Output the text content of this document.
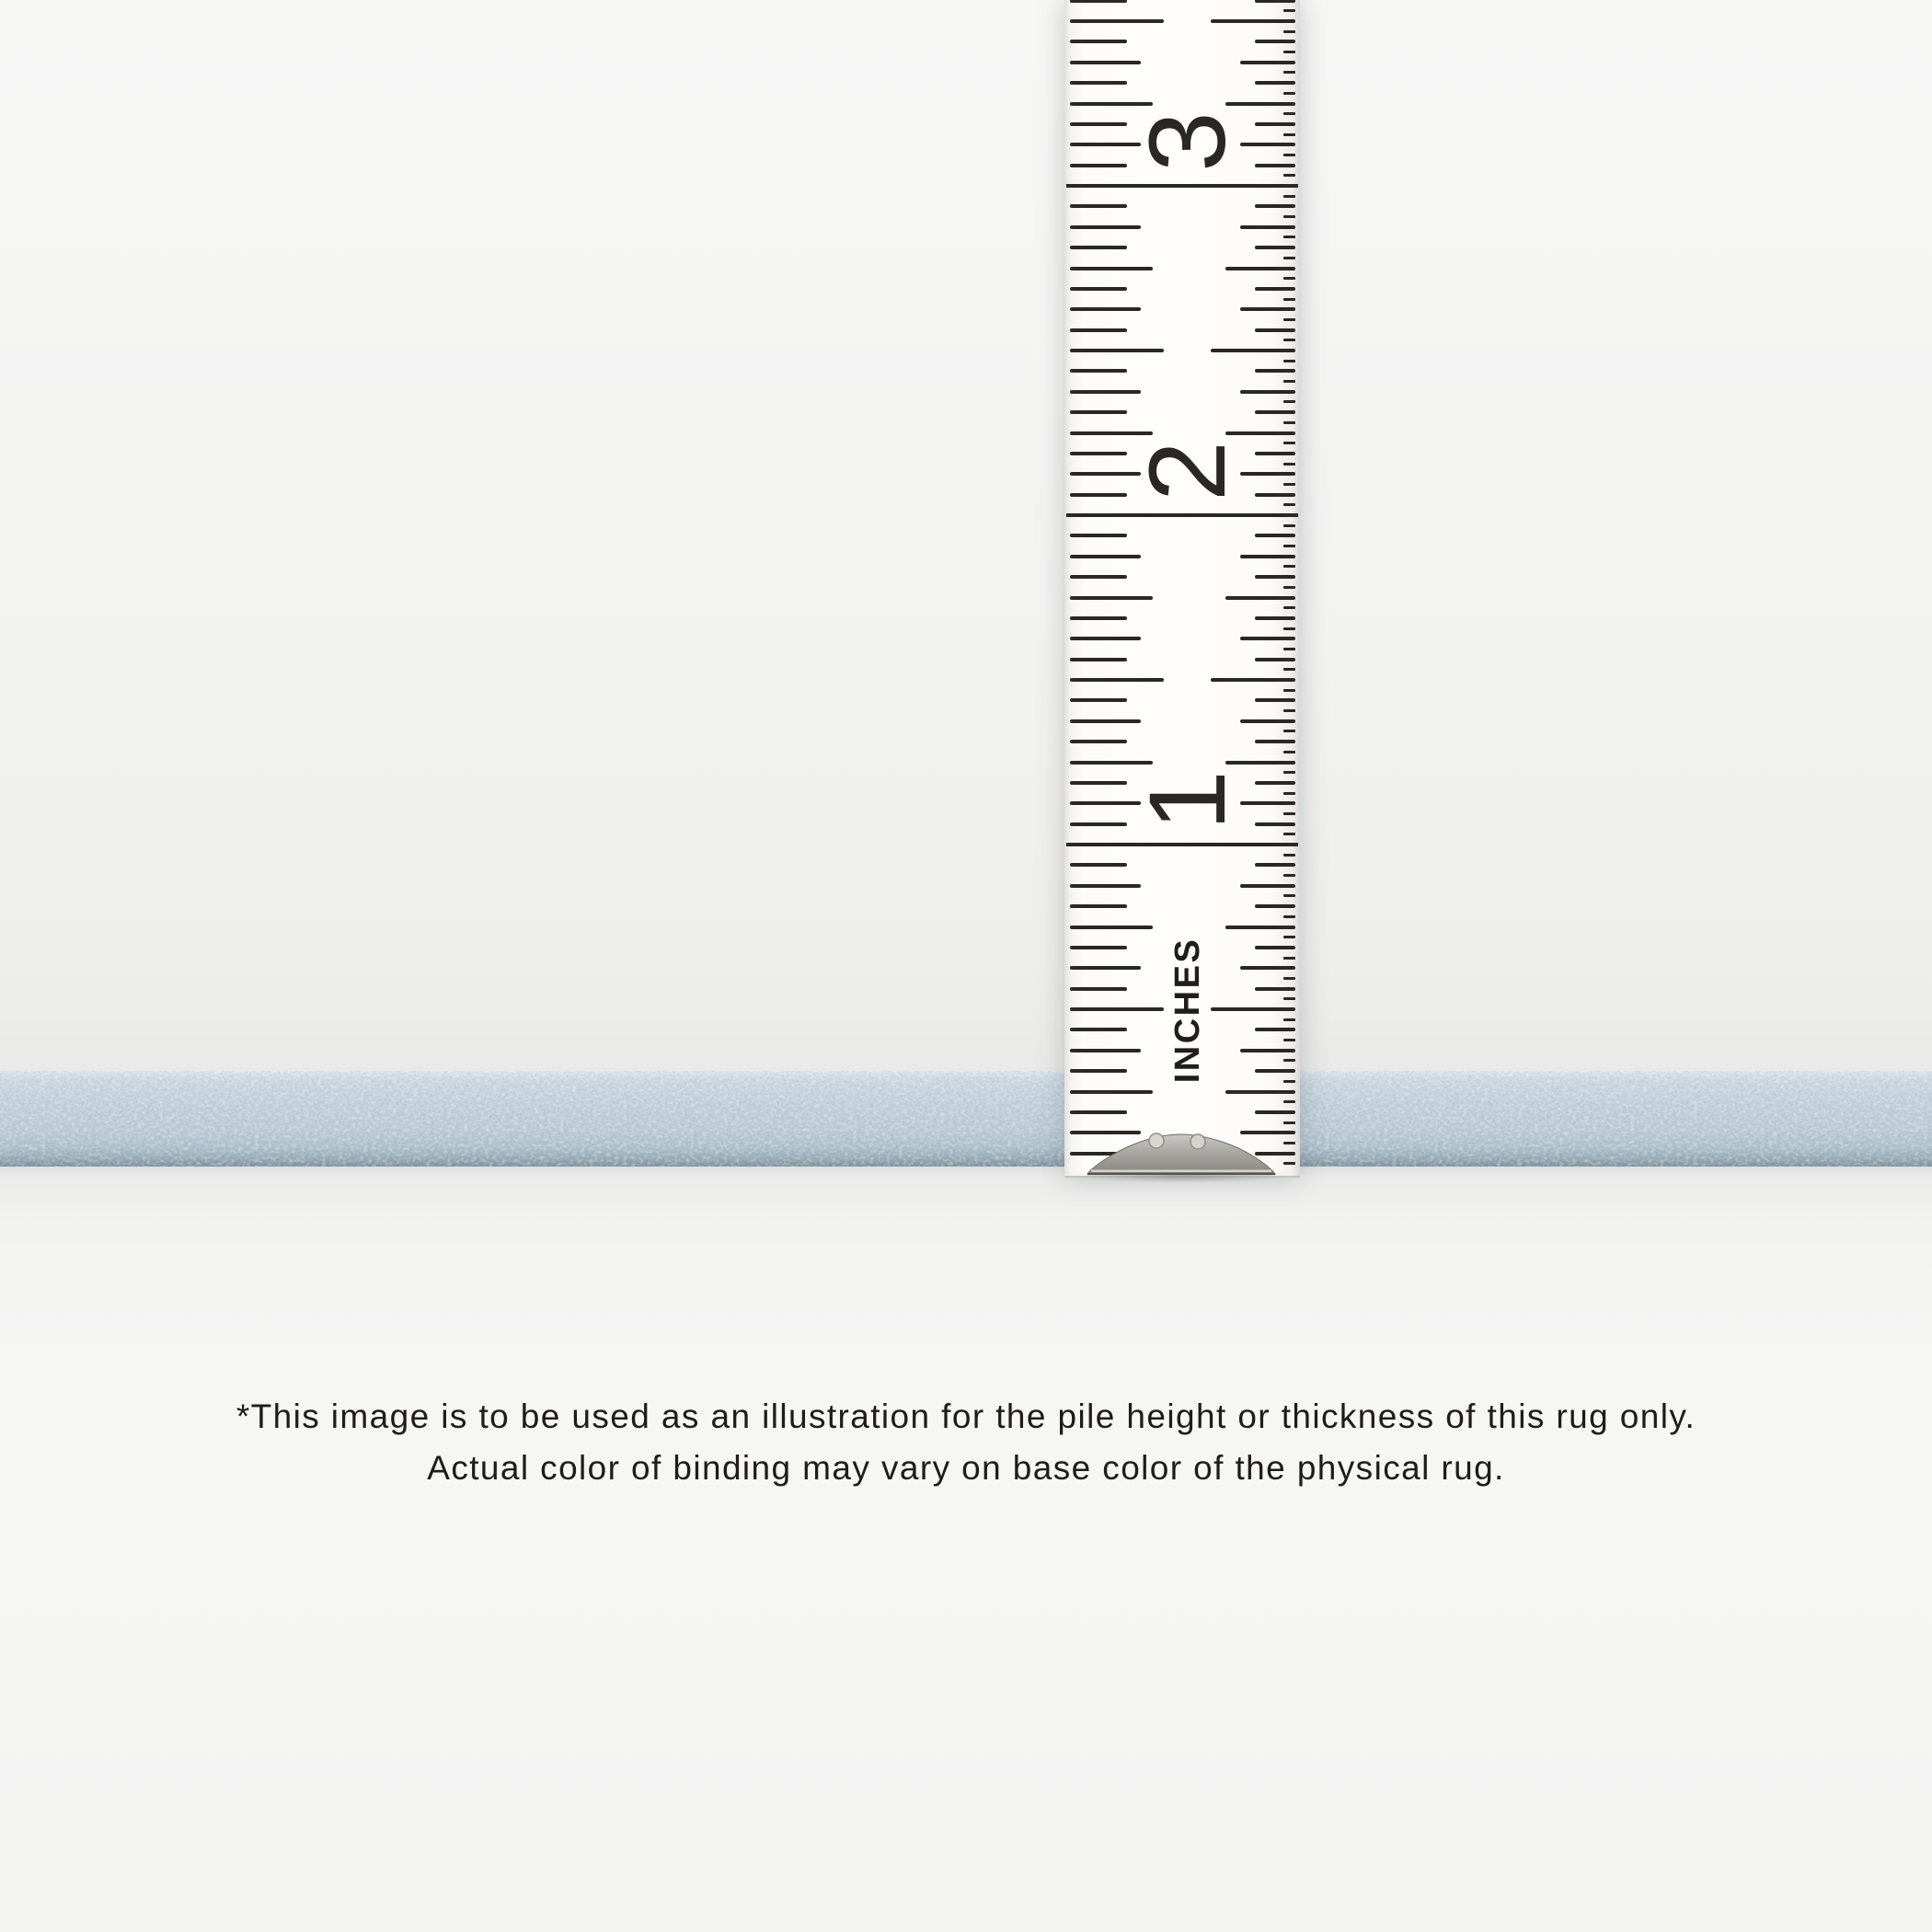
INCHES
1
2
3
*This image is to be used as an illustration for the pile height or thickness of this rug only.
Actual color of binding may vary on base color of the physical rug.
